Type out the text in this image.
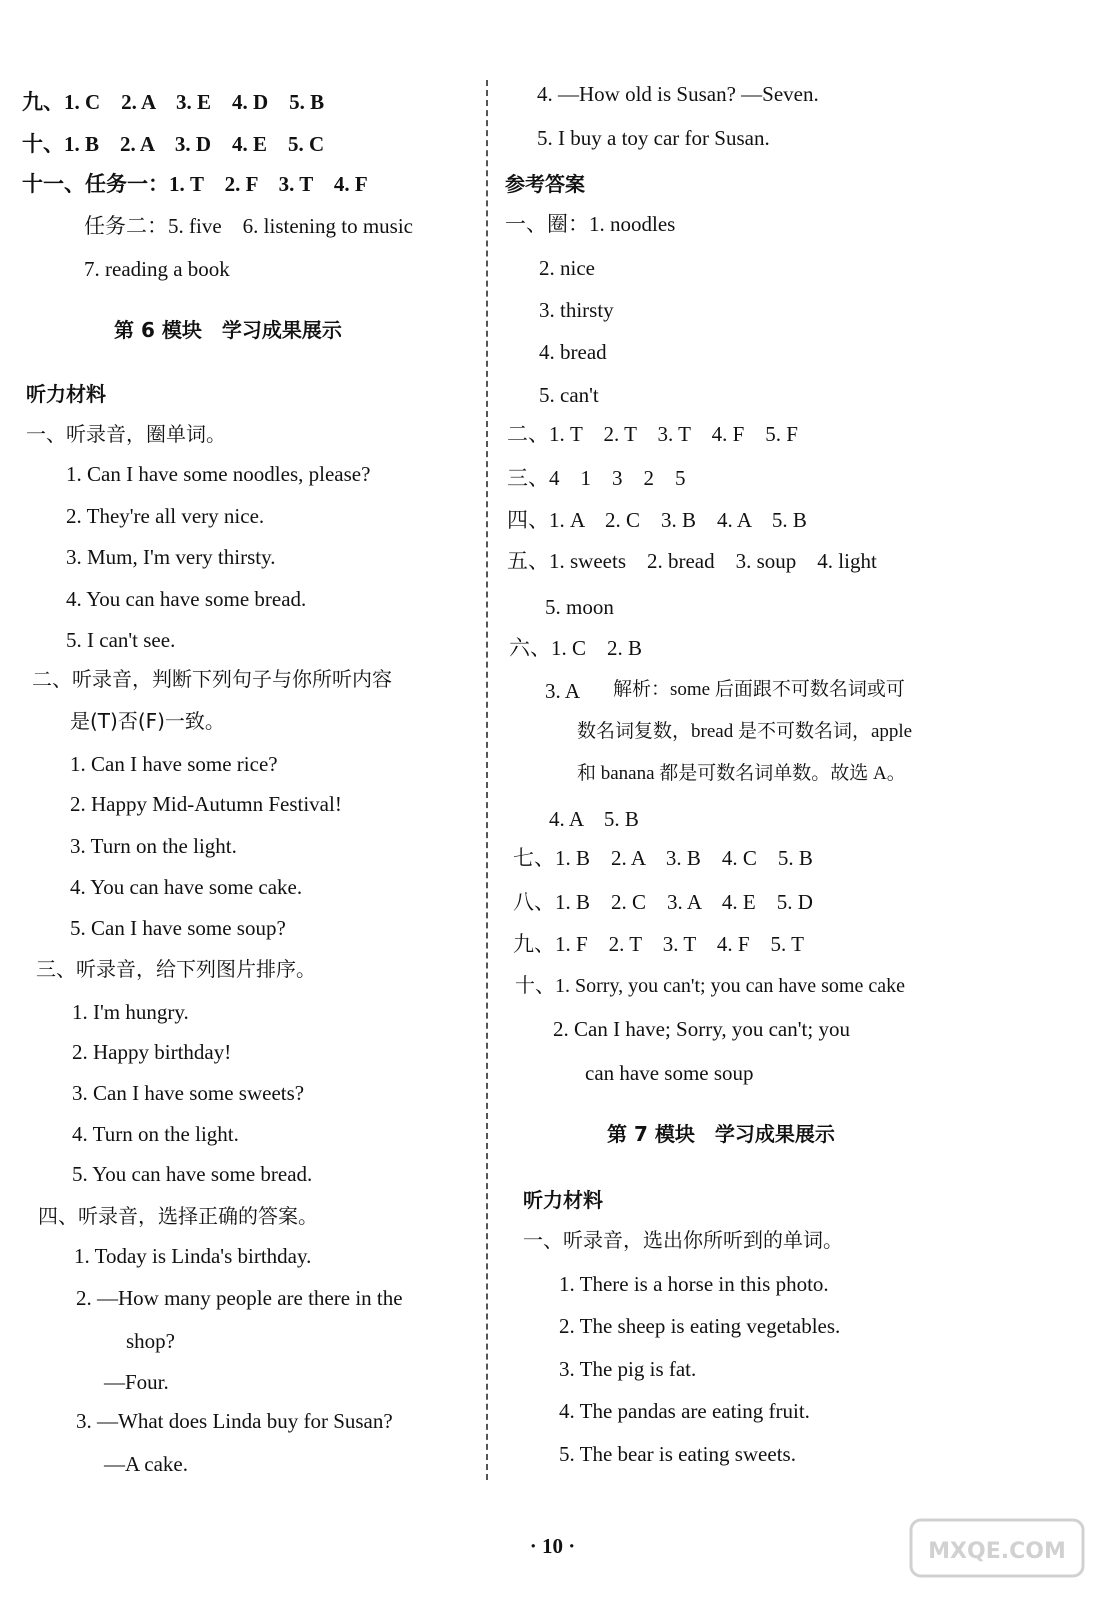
九、1. C　2. A　3. E　4. D　5. B
十、1. B　2. A　3. D　4. E　5. C
十一、任务一：1. T　2. F　3. T　4. F
任务二：5. five　6. listening to music
7. reading a book
第 6 模块　学习成果展示
听力材料
一、听录音，圈单词。
1. Can I have some noodles, please?
2. They're all very nice.
3. Mum, I'm very thirsty.
4. You can have some bread.
5. I can't see.
二、听录音，判断下列句子与你所听内容
是(T)否(F)一致。
1. Can I have some rice?
2. Happy Mid-Autumn Festival!
3. Turn on the light.
4. You can have some cake.
5. Can I have some soup?
三、听录音，给下列图片排序。
1. I'm hungry.
2. Happy birthday!
3. Can I have some sweets?
4. Turn on the light.
5. You can have some bread.
四、听录音，选择正确的答案。
1. Today is Linda's birthday.
2. —How many people are there in the
shop?
—Four.
3. —What does Linda buy for Susan?
—A cake.
4. —How old is Susan? —Seven.
5. I buy a toy car for Susan.
参考答案
一、圈：1. noodles
2. nice
3. thirsty
4. bread
5. can't
二、1. T　2. T　3. T　4. F　5. F
三、4　1　3　2　5
四、1. A　2. C　3. B　4. A　5. B
五、1. sweets　2. bread　3. soup　4. light
5. moon
六、1. C　2. B
3. A 解析：some 后面跟不可数名词或可
数名词复数，bread 是不可数名词，apple
和 banana 都是可数名词单数。故选 A。
4. A　5. B
七、1. B　2. A　3. B　4. C　5. B
八、1. B　2. C　3. A　4. E　5. D
九、1. F　2. T　3. T　4. F　5. T
十、1. Sorry, you can't; you can have some cake
2. Can I have; Sorry, you can't; you
can have some soup
第 7 模块　学习成果展示
听力材料
一、听录音，选出你所听到的单词。
1. There is a horse in this photo.
2. The sheep is eating vegetables.
3. The pig is fat.
4. The pandas are eating fruit.
5. The bear is eating sweets.
· 10 ·	MXQE.COM
